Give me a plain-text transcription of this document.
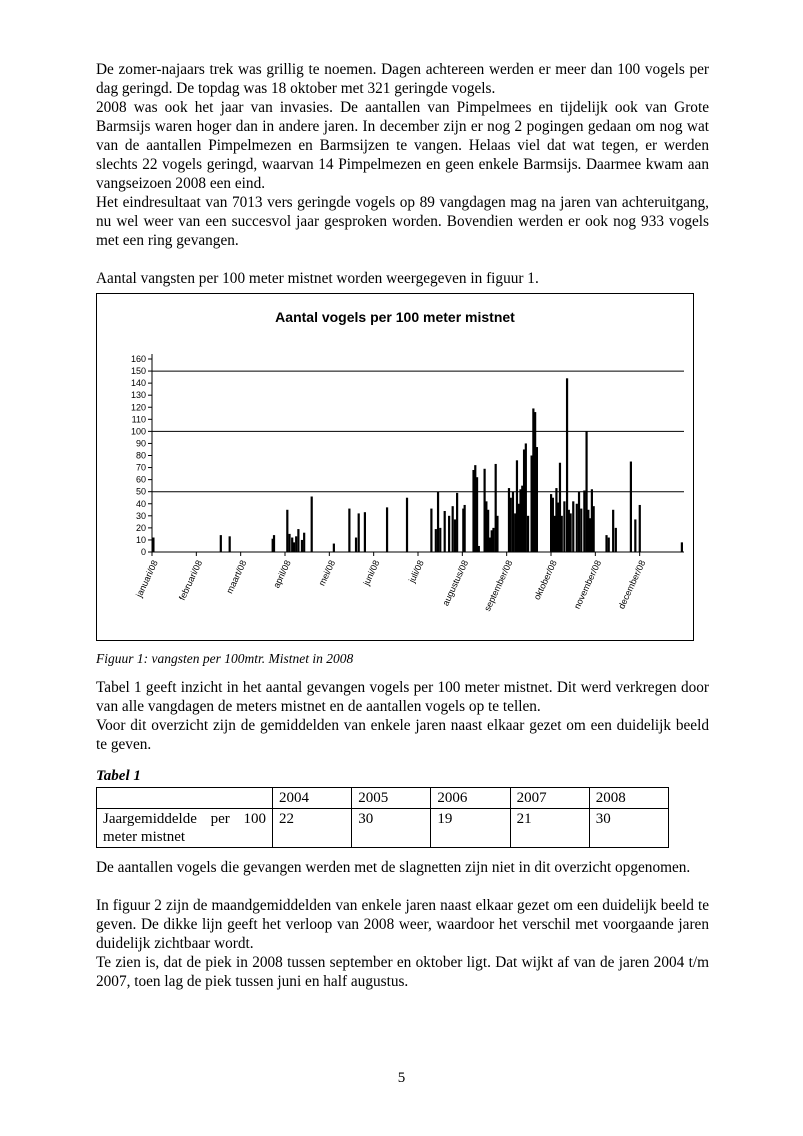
De zomer-najaars trek was grillig te noemen. Dagen achtereen werden er meer dan 100 vogels per dag geringd. De topdag was 18 oktober met 321 geringde vogels.

2008 was ook het jaar van invasies. De aantallen van Pimpelmees en tijdelijk ook van Grote Barmsijs waren hoger dan in andere jaren. In december zijn er nog 2 pogingen gedaan om nog wat van de aantallen Pimpelmezen en Barmsijzen te vangen. Helaas viel dat wat tegen, er werden slechts 22 vogels geringd, waarvan 14 Pimpelmezen en geen enkele Barmsijs. Daarmee kwam aan vangseizoen 2008 een eind.

Het eindresultaat van 7013 vers geringde vogels op 89 vangdagen mag na jaren van achteruitgang, nu wel weer van een succesvol jaar gesproken worden. Bovendien werden er ook nog 933 vogels met een ring gevangen.

Aantal vangsten per 100 meter mistnet worden weergegeven in figuur 1.

Aantal vogels per 100 meter mistnet
0
10
20
30
40
50
60
70
80
90
100
110
120
130
140
150
160
januari/08 februari/08 maart/08	april/08	mei/08	juni/08	juli/08 augustus/08 september/08 oktober/08 november/08 december/08

Figuur 1: vangsten per 100mtr. Mistnet in 2008

Tabel 1 geeft inzicht in het aantal gevangen vogels per 100 meter mistnet. Dit werd verkregen door van alle vangdagen de meters mistnet en de aantallen vogels op te tellen.

Voor dit overzicht zijn de gemiddelden van enkele jaren naast elkaar gezet om een duidelijk beeld te geven.

Tabel 1
	2004	2005	2006	2007	2008
Jaargemiddelde per 100 meter mistnet	22	30	19	21	30

De aantallen vogels die gevangen werden met de slagnetten zijn niet in dit overzicht opgenomen.

In figuur 2 zijn de maandgemiddelden van enkele jaren naast elkaar gezet om een duidelijk beeld te geven. De dikke lijn geeft het verloop van 2008 weer, waardoor het verschil met voorgaande jaren duidelijk zichtbaar wordt.

Te zien is, dat de piek in 2008 tussen september en oktober ligt. Dat wijkt af van de jaren 2004 t/m 2007, toen lag de piek tussen juni en half augustus.

5
